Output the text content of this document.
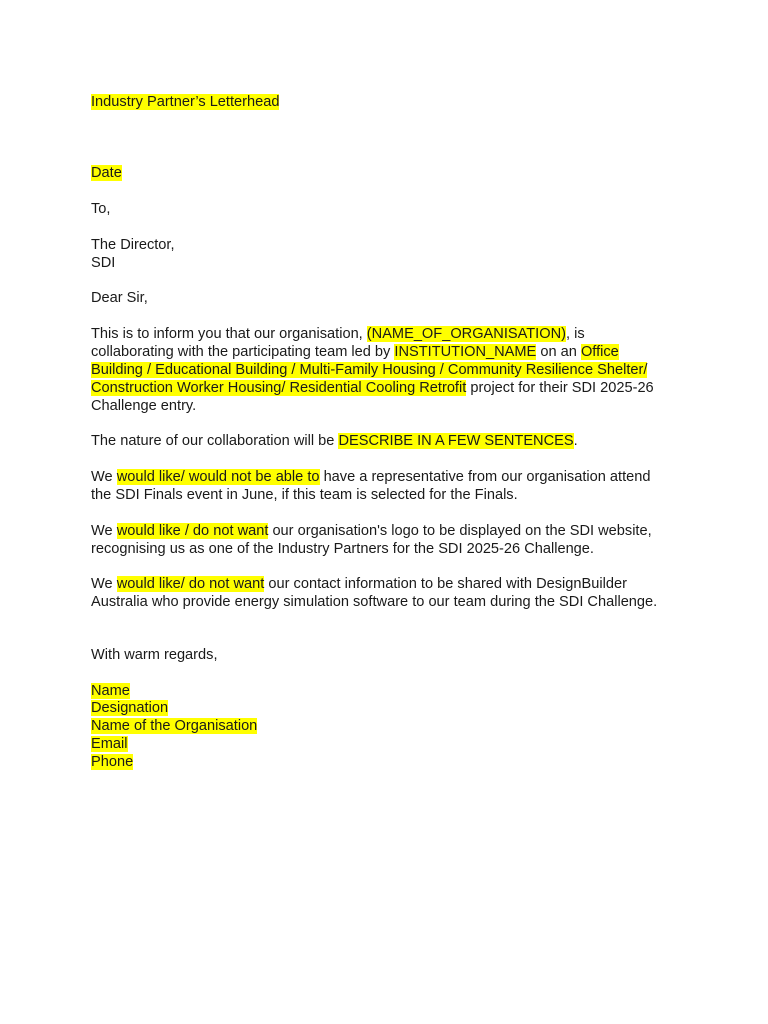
Industry Partner’s Letterhead
Date
To,
The Director,
SDI
Dear Sir,
This is to inform you that our organisation, (NAME_OF_ORGANISATION), is
collaborating with the participating team led by INSTITUTION_NAME on an Office
Building / Educational Building / Multi-Family Housing / Community Resilience Shelter/
Construction Worker Housing/ Residential Cooling Retrofit project for their SDI 2025-26
Challenge entry.
The nature of our collaboration will be DESCRIBE IN A FEW SENTENCES.
We would like/ would not be able to have a representative from our organisation attend
the SDI Finals event in June, if this team is selected for the Finals.
We would like / do not want our organisation's logo to be displayed on the SDI website,
recognising us as one of the Industry Partners for the SDI 2025-26 Challenge.
We would like/ do not want our contact information to be shared with DesignBuilder
Australia who provide energy simulation software to our team during the SDI Challenge.
With warm regards,
Name
Designation
Name of the Organisation
Email
Phone
